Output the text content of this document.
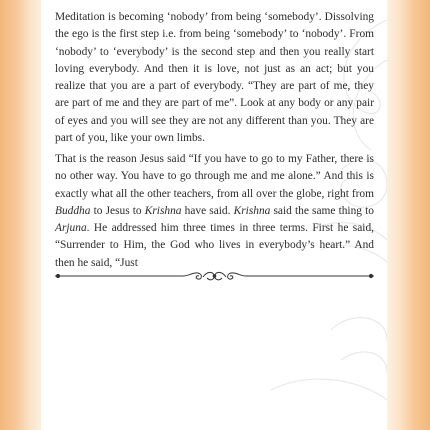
Meditation is becoming ‘nobody’ from being ‘somebody’. Dissolving the ego is the first step i.e. from being ‘somebody’ to ‘nobody’. From ‘nobody’ to ‘everybody’ is the second step and then you really start loving everybody. And then it is love, not just as an act; but you realize that you are a part of everybody. “They are part of me, they are part of me and they are part of me”. Look at any body or any pair of eyes and you will see they are not any different than you. They are part of you, like your own limbs.

That is the reason Jesus said “If you have to go to my Father, there is no other way. You have to go through me and me alone.” And this is exactly what all the other teachers, from all over the globe, right from Buddha to Jesus to Krishna have said. Krishna said the same thing to Arjuna. He addressed him three times in three terms. First he said, “Surrender to Him, the God who lives in everybody’s heart.” And then he said, “Just
